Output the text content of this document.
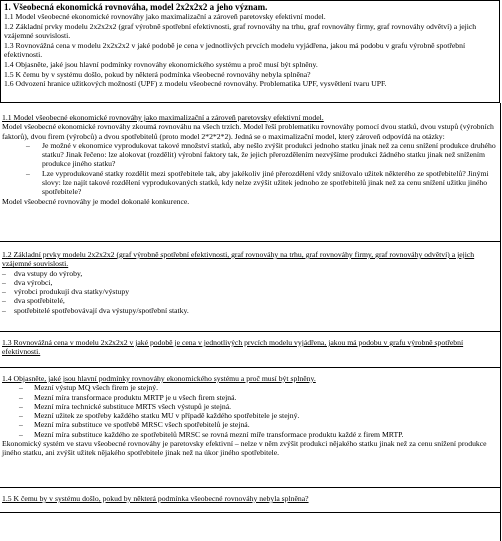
1. Všeobecná ekonomická rovnováha, model 2x2x2x2 a jeho význam.

1.1 Model všeobecné ekonomické rovnováhy jako maximalizační a zároveň paretovsky efektivní model.

1.2 Základní prvky modelu 2x2x2x2 (graf výrobně spotřební efektivnosti, graf rovnováhy na trhu, graf rovnováhy firmy, graf rovnováhy odvětví) a jejich vzájemné souvislosti.

1.3 Rovnovážná cena v modelu 2x2x2x2 v jaké podobě je cena v jednotlivých prvcích modelu vyjádřena, jakou má podobu v grafu výrobně spotřební efektivnosti.

1.4 Objasněte, jaké jsou hlavní podmínky rovnováhy ekonomického systému a proč musí být splněny.

1.5 K čemu by v systému došlo, pokud by některá podmínka všeobecné rovnováhy nebyla splněna?

1.6 Odvození hranice užitkových možností (UPF) z modelu všeobecné rovnováhy. Problematika UPF, vysvětlení tvaru UPF.

1.1 Model všeobecné ekonomické rovnováhy jako maximalizační a zároveň paretovsky efektivní model.

Model všeobecné ekonomické rovnováhy zkoumá rovnováhu na všech trzích. Model řeší problematiku rovnováhy pomocí dvou statků, dvou vstupů (výrobních faktorů), dvou firem (výrobců) a dvou spotřebitelů (proto model 2*2*2*2). Jedná se o maximalizační model, který zároveň odpovídá na otázky:

– Je možné v ekonomice vyprodukovat takové množství statků, aby nešlo zvýšit produkci jednoho statku jinak než za cenu snížení produkce druhého statku? Jinak řečeno: lze alokovat (rozdělit) výrobní faktory tak, že jejich přerozdělením nezvýšíme produkci žádného statku jinak než snížením produkce jiného statku?
– Lze vyprodukované statky rozdělit mezi spotřebitele tak, aby jakékoliv jiné přerozdělení vždy snižovalo užitek některého ze spotřebitelů? Jinými slovy: lze najít takové rozdělení vyprodukovaných statků, kdy nelze zvýšit užitek jednoho ze spotřebitelů jinak než za cenu snížení užitku jiného spotřebitele?

Model všeobecné rovnováhy je model dokonalé konkurence.

1.2 Základní prvky modelu 2x2x2x2 (graf výrobně spotřební efektivnosti, graf rovnováhy na trhu, graf rovnováhy firmy, graf rovnováhy odvětví) a jejich vzájemné souvislosti.

– dva vstupy do výroby,
– dva výrobci,
– výrobci produkují dva statky/výstupy
– dva spotřebitelé,
– spotřebitelé spotřebovávají dva výstupy/spotřební statky.

1.3 Rovnovážná cena v modelu 2x2x2x2 v jaké podobě je cena v jednotlivých prvcích modelu vyjádřena, jakou má podobu v grafu výrobně spotřební efektivnosti.

1.4 Objasněte, jaké jsou hlavní podmínky rovnováhy ekonomického systému a proč musí být splněny.

– Mezní výstup MQ všech firem je stejný.
– Mezní míra transformace produktu MRTP je u všech firem stejná.
– Mezní míra technické substituce MRTS všech výstupů je stejná.
– Mezní užitek ze spotřeby každého statku MU v případě každého spotřebitele je stejný.
– Mezní míra substituce ve spotřebě MRSC všech spotřebitelů je stejná.
– Mezní míra substituce každého ze spotřebitelů MRSC se rovná mezní míře transformace produktu každé z firem MRTP.

Ekonomický systém ve stavu všeobecné rovnováhy je paretovsky efektivní – nelze v něm zvýšit produkci nějakého statku jinak než za cenu snížení produkce jiného statku, ani zvýšit užitek nějakého spotřebitele jinak než na úkor jiného spotřebitele.

1.5 K čemu by v systému došlo, pokud by některá podmínka všeobecné rovnováhy nebyla splněna?
